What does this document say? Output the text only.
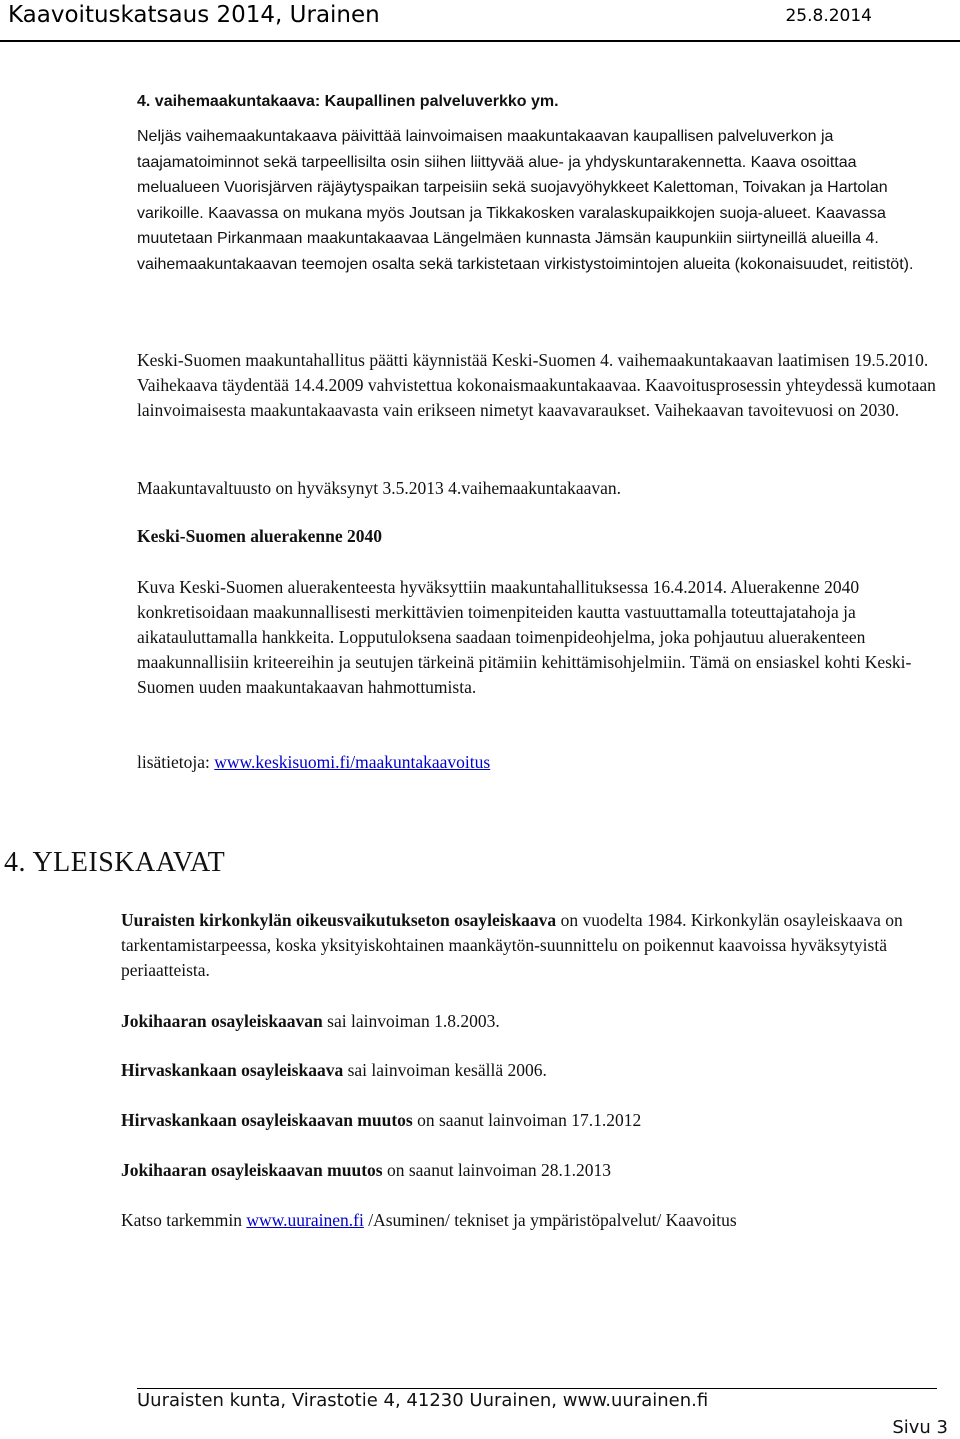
Kaavoituskatsaus 2014, Urainen	25.8.2014
4. vaihemaakuntakaava: Kaupallinen palveluverkko ym.

Neljäs vaihemaakuntakaava päivittää lainvoimaisen maakuntakaavan kaupallisen palveluverkon ja taajamatoiminnot sekä tarpeellisilta osin siihen liittyvää alue- ja yhdyskuntarakennetta. Kaava osoittaa melualueen Vuorisjärven räjäytyspaikan tarpeisiin sekä suojavyöhykkeet Kalettoman, Toivakan ja Hartolan varikoille. Kaavassa on mukana myös Joutsan ja Tikkakosken varalaskupaikkojen suoja-alueet. Kaavassa muutetaan Pirkanmaan maakuntakaavaa Längelmäen kunnasta Jämsän kaupunkiin siirtyneillä alueilla 4. vaihemaakuntakaavan teemojen osalta sekä tarkistetaan virkistystoimintojen alueita (kokonaisuudet, reitistöt).

Keski-Suomen maakuntahallitus päätti käynnistää Keski-Suomen 4. vaihemaakuntakaavan laatimisen 19.5.2010. Vaihekaava täydentää 14.4.2009 vahvistettua kokonaismaakuntakaavaa. Kaavoitusprosessin yhteydessä kumotaan lainvoimaisesta maakuntakaavasta vain erikseen nimetyt kaavavaraukset. Vaihekaavan tavoitevuosi on 2030.

Maakuntavaltuusto on hyväksynyt 3.5.2013 4.vaihemaakuntakaavan.

Keski-Suomen aluerakenne 2040

Kuva Keski-Suomen aluerakenteesta hyväksyttiin maakuntahallituksessa 16.4.2014. Aluerakenne 2040 konkretisoidaan maakunnallisesti merkittävien toimenpiteiden kautta vastuuttamalla toteuttajatahoja ja aikatauluttamalla hankkeita. Lopputuloksena saadaan toimenpideohjelma, joka pohjautuu aluerakenteen maakunnallisiin kriteereihin ja seutujen tärkeinä pitämiin kehittämisohjelmiin. Tämä on ensiaskel kohti Keski-Suomen uuden maakuntakaavan hahmottumista.

lisätietoja: www.keskisuomi.fi/maakuntakaavoitus
4. YLEISKAAVAT

Uuraisten kirkonkylän oikeusvaikutukseton osayleiskaava on vuodelta 1984. Kirkonkylän osayleiskaava on tarkentamistarpeessa, koska yksityiskohtainen maankäytön-suunnittelu on poikennut kaavoissa hyväksytyistä periaatteista.

Jokihaaran osayleiskaavan sai lainvoiman 1.8.2003.

Hirvaskankaan osayleiskaava sai lainvoiman kesällä 2006.

Hirvaskankaan osayleiskaavan muutos on saanut lainvoiman 17.1.2012

Jokihaaran osayleiskaavan muutos on saanut lainvoiman 28.1.2013

Katso tarkemmin www.uurainen.fi /Asuminen/ tekniset ja ympäristöpalvelut/ Kaavoitus
Uuraisten kunta, Virastotie 4, 41230 Uurainen, www.uurainen.fi
Sivu 3
